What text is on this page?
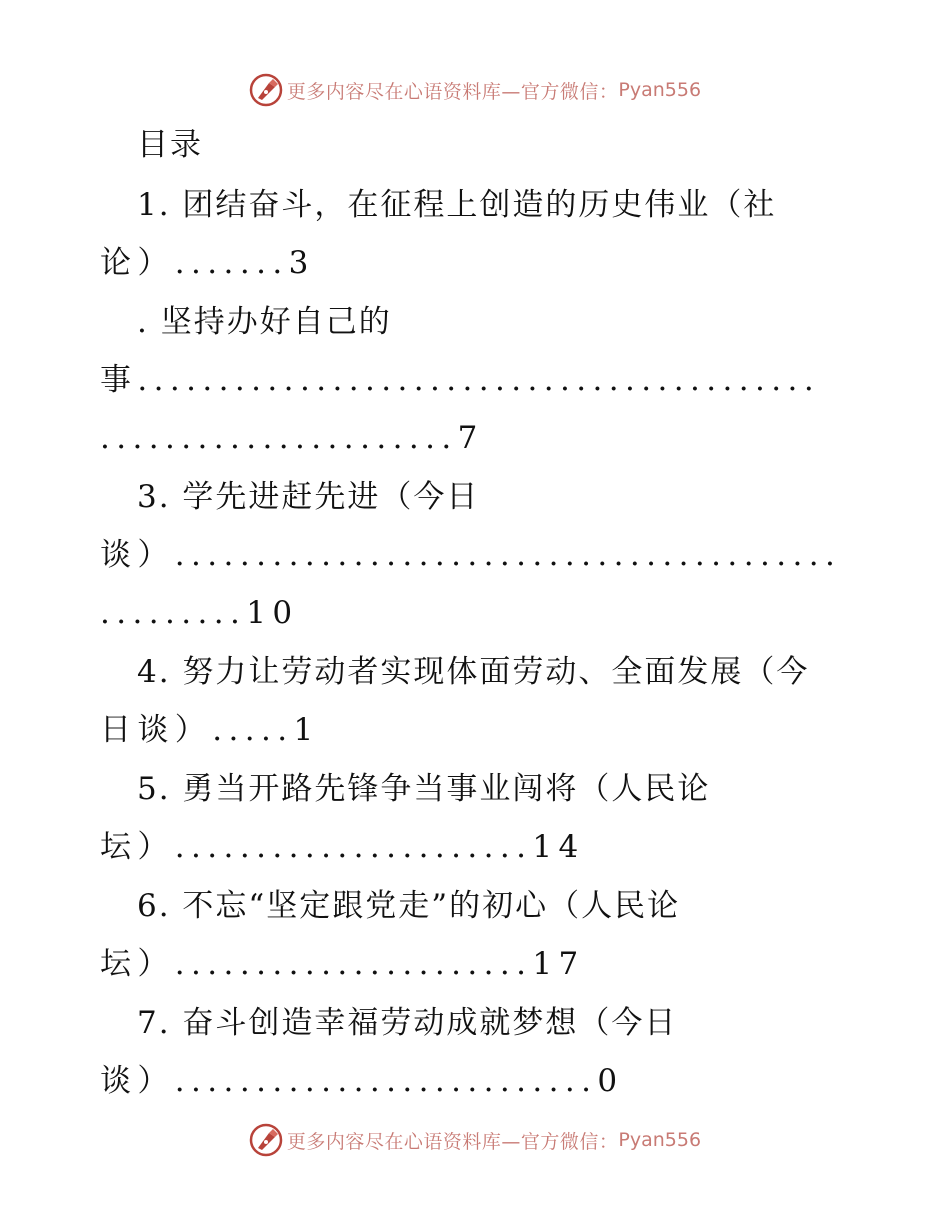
更多内容尽在心语资料库—官方微信： Pyan556
目录
1. 团结奋斗，在征程上创造的历史伟业（社
论）.......3
. 坚持办好自己的
事..........................................
......................7
3. 学先进赶先进（今日
谈）.........................................
.........10
4. 努力让劳动者实现体面劳动、全面发展（今
日谈）.....1
5. 勇当开路先锋争当事业闯将（人民论
坛）......................14
6. 不忘“坚定跟党走”的初心（人民论
坛）......................17
7. 奋斗创造幸福劳动成就梦想（今日
谈）..........................0
更多内容尽在心语资料库—官方微信： Pyan556
